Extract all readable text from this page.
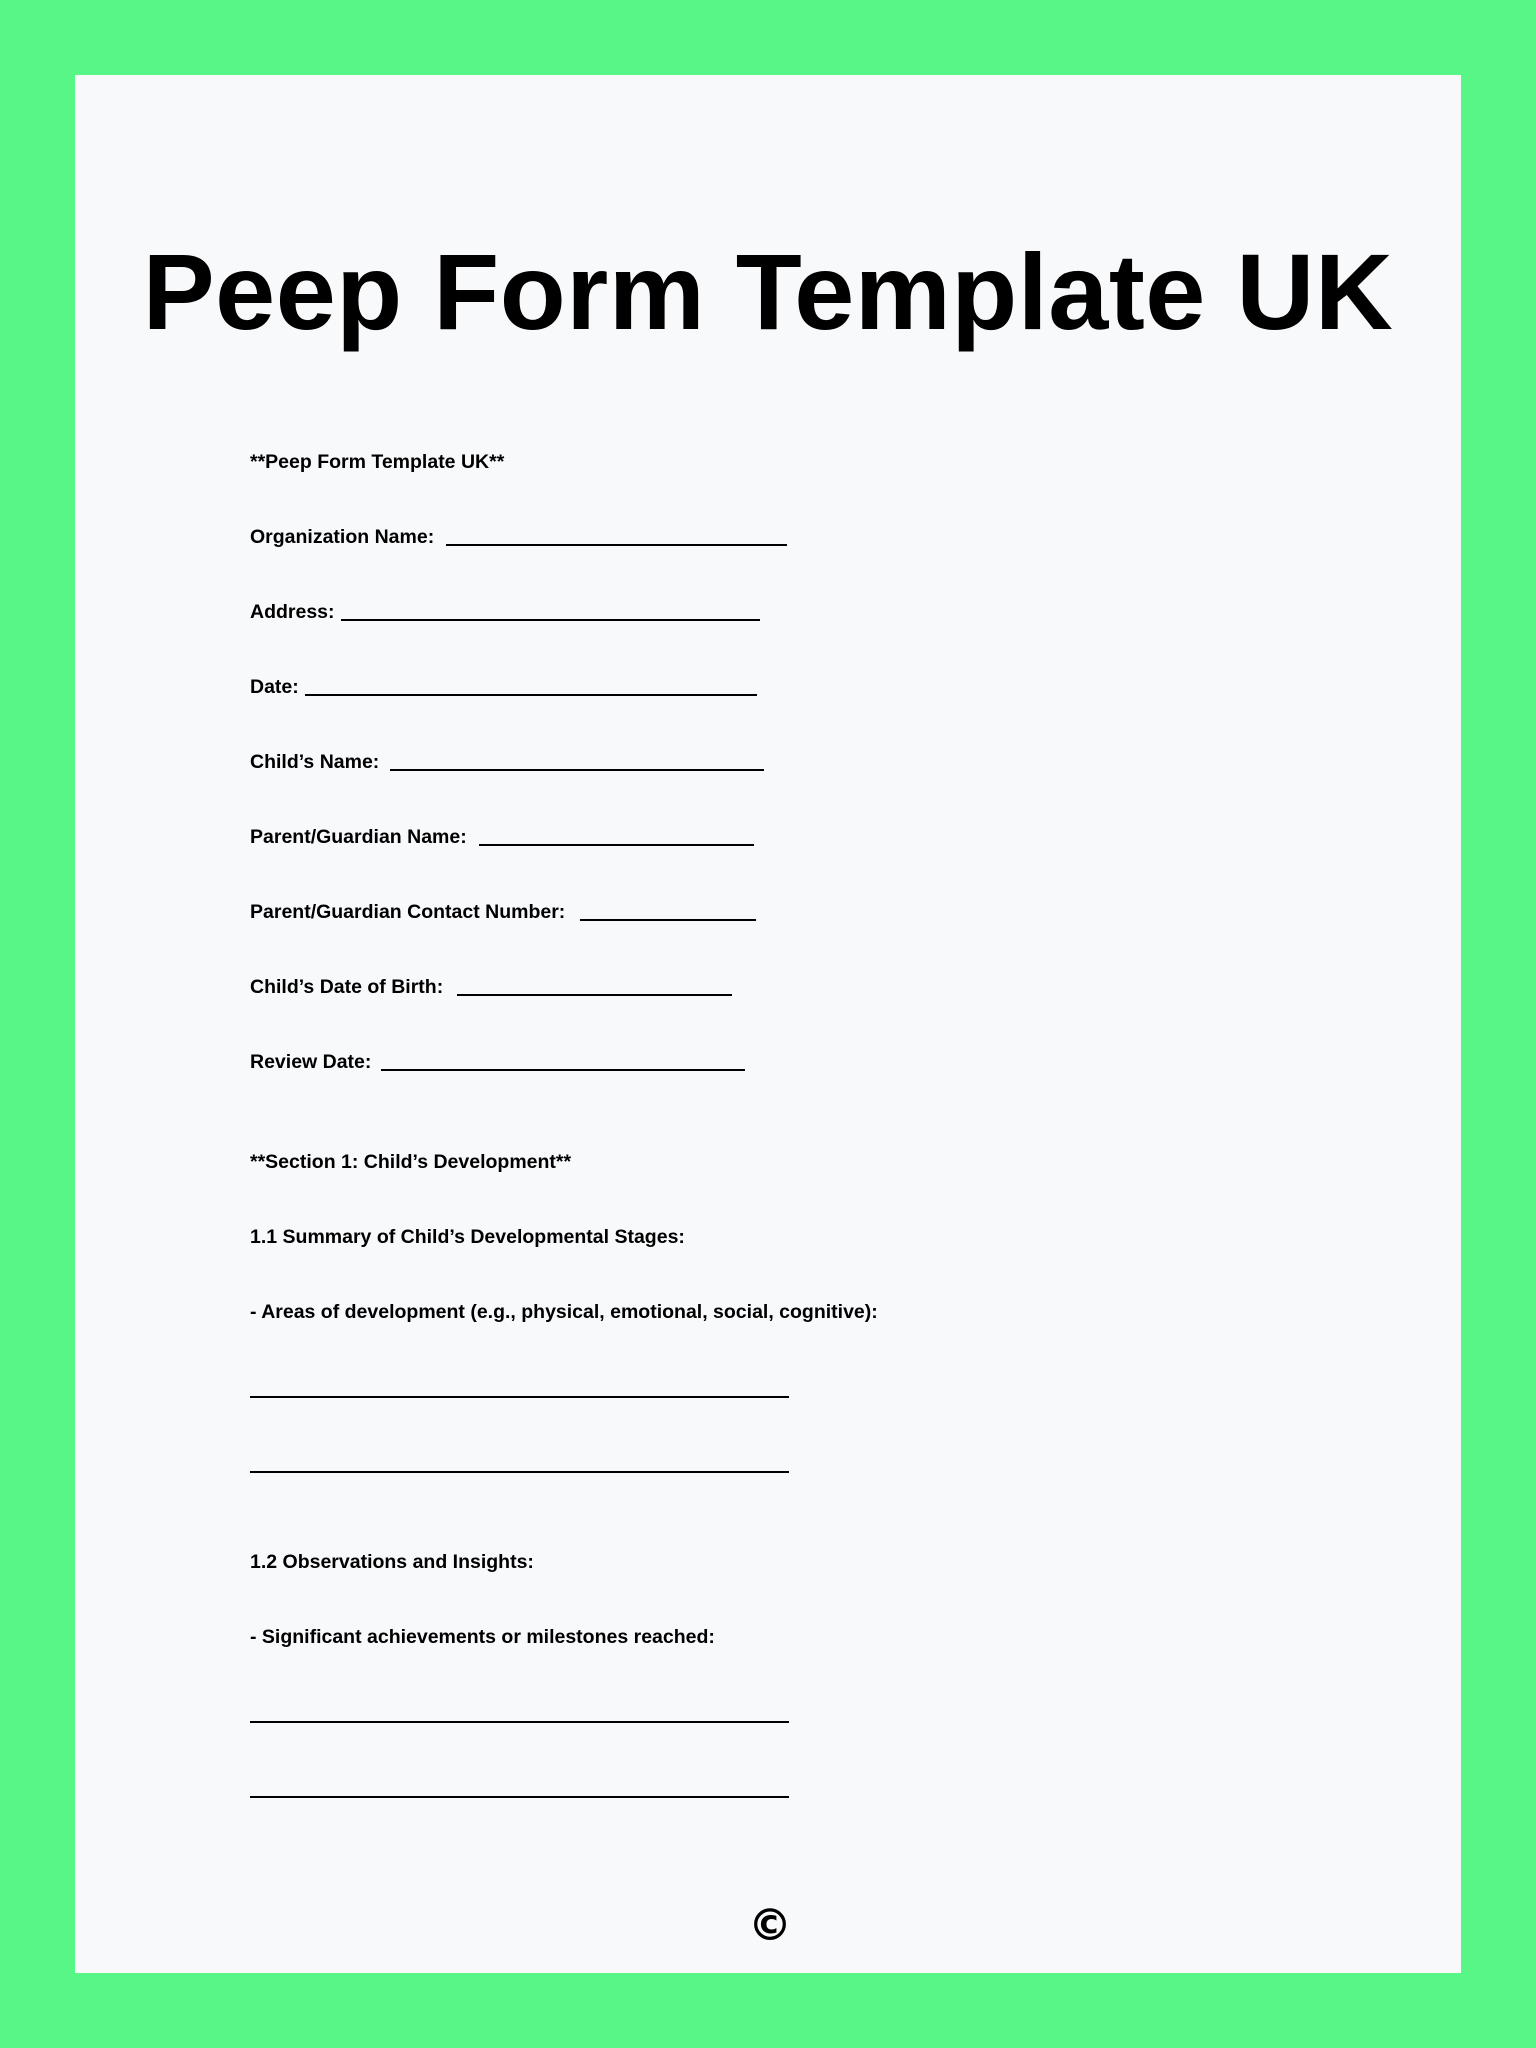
Peep Form Template UK
**Peep Form Template UK**
Organization Name:
Address:
Date:
Child’s Name:
Parent/Guardian Name:
Parent/Guardian Contact Number:
Child’s Date of Birth:
Review Date:
**Section 1: Child’s Development**
1.1 Summary of Child’s Developmental Stages:
- Areas of development (e.g., physical, emotional, social, cognitive):
1.2 Observations and Insights:
- Significant achievements or milestones reached:
©
